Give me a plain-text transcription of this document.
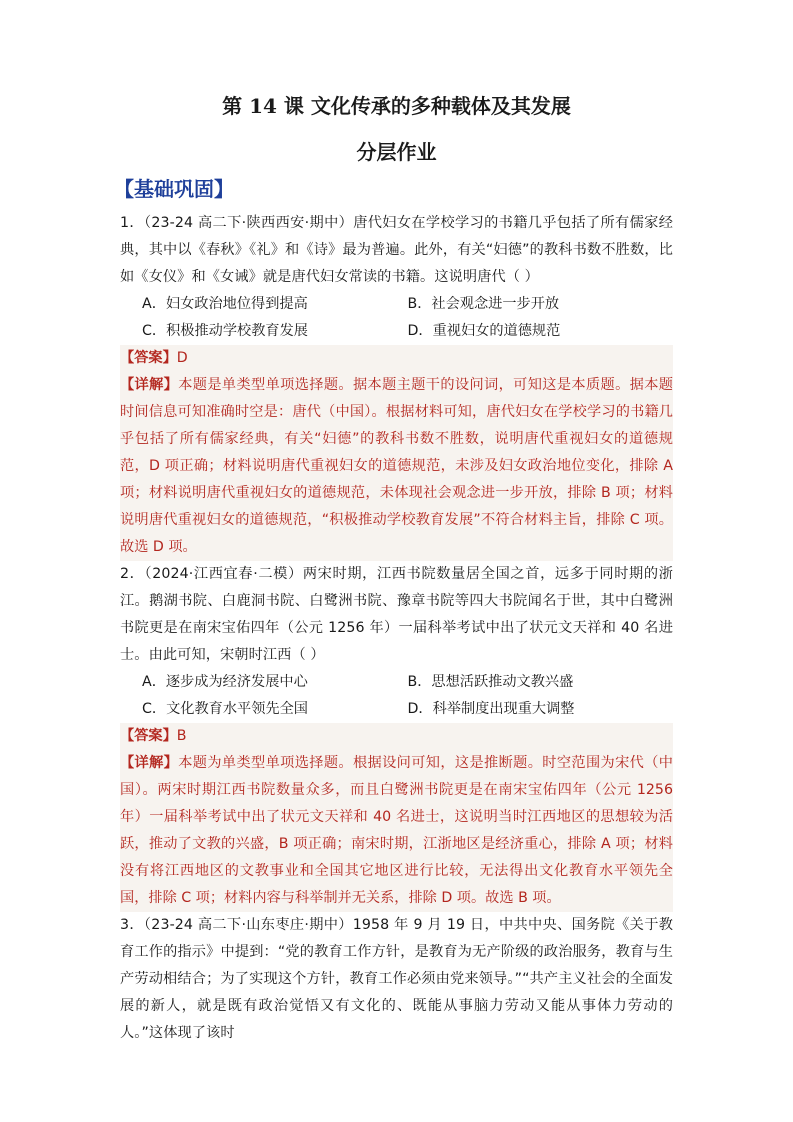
第 14 课 文化传承的多种载体及其发展
分层作业
【基础巩固】

1．（23-24 高二下·陕西西安·期中）唐代妇女在学校学习的书籍几乎包括了所有儒家经典，其中以《春秋》《礼》和《诗》最为普遍。此外，有关“妇德”的教科书数不胜数，比如《女仪》和《女诫》就是唐代妇女常读的书籍。这说明唐代（ ）

A．妇女政治地位得到提高	B．社会观念进一步开放
C．积极推动学校教育发展	D．重视妇女的道德规范

【答案】D

【详解】本题是单类型单项选择题。据本题主题干的设问词，可知这是本质题。据本题时间信息可知准确时空是：唐代（中国）。根据材料可知，唐代妇女在学校学习的书籍几乎包括了所有儒家经典，有关“妇德”的教科书数不胜数，说明唐代重视妇女的道德规范，D 项正确；材料说明唐代重视妇女的道德规范，未涉及妇女政治地位变化，排除 A 项；材料说明唐代重视妇女的道德规范，未体现社会观念进一步开放，排除 B 项；材料说明唐代重视妇女的道德规范，“积极推动学校教育发展”不符合材料主旨，排除 C 项。故选 D 项。

2．（2024·江西宜春·二模）两宋时期，江西书院数量居全国之首，远多于同时期的浙江。鹅湖书院、白鹿洞书院、白鹭洲书院、豫章书院等四大书院闻名于世，其中白鹭洲书院更是在南宋宝佑四年（公元 1256 年）一届科举考试中出了状元文天祥和 40 名进士。由此可知，宋朝时江西（ ）

A．逐步成为经济发展中心	B．思想活跃推动文教兴盛
C．文化教育水平领先全国	D．科举制度出现重大调整

【答案】B

【详解】本题为单类型单项选择题。根据设问可知，这是推断题。时空范围为宋代（中国）。两宋时期江西书院数量众多，而且白鹭洲书院更是在南宋宝佑四年（公元 1256 年）一届科举考试中出了状元文天祥和 40 名进士，这说明当时江西地区的思想较为活跃，推动了文教的兴盛，B 项正确；南宋时期，江浙地区是经济重心，排除 A 项；材料没有将江西地区的文教事业和全国其它地区进行比较，无法得出文化教育水平领先全国，排除 C 项；材料内容与科举制并无关系，排除 D 项。故选 B 项。

3．（23-24 高二下·山东枣庄·期中）1958 年 9 月 19 日，中共中央、国务院《关于教育工作的指示》中提到：“党的教育工作方针，是教育为无产阶级的政治服务，教育与生产劳动相结合；为了实现这个方针，教育工作必须由党来领导。”“共产主义社会的全面发展的新人，就是既有政治觉悟又有文化的、既能从事脑力劳动又能从事体力劳动的人。”这体现了该时
